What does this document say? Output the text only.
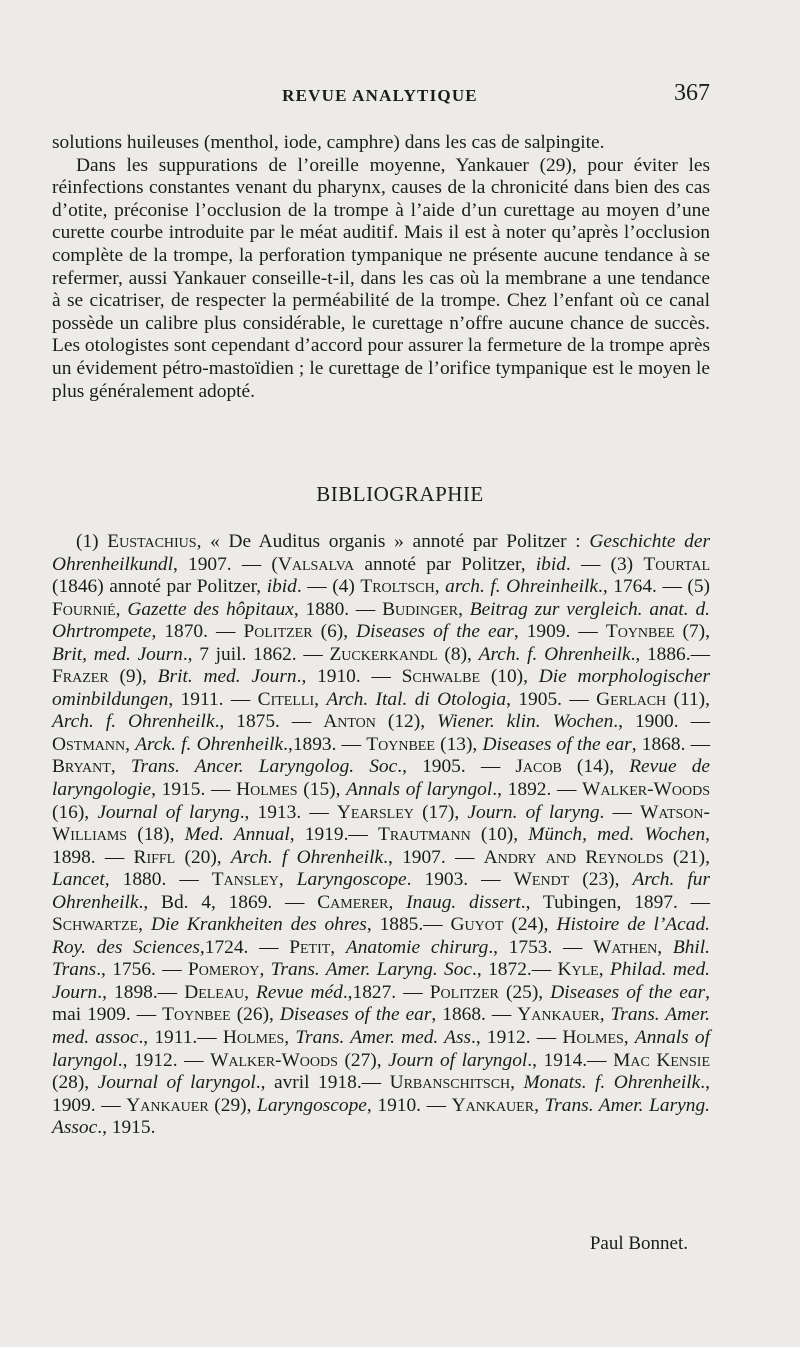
REVUE ANALYTIQUE	367

solutions huileuses (menthol, iode, camphre) dans les cas de salpingite.

Dans les suppurations de l’oreille moyenne, Yankauer (29), pour éviter les réinfections constantes venant du pharynx, causes de la chronicité dans bien des cas d’otite, préconise l’occlusion de la trompe à l’aide d’un curettage au moyen d’une curette courbe introduite par le méat auditif. Mais il est à noter qu’après l’occlusion complète de la trompe, la perforation tympanique ne présente aucune tendance à se refermer, aussi Yankauer conseille-t-il, dans les cas où la membrane a une tendance à se cicatriser, de respecter la perméabilité de la trompe. Chez l’enfant où ce canal possède un calibre plus considérable, le curettage n’offre aucune chance de succès. Les otologistes sont cependant d’accord pour assurer la fermeture de la trompe après un évidement pétro-mastoïdien ; le curettage de l’orifice tympanique est le moyen le plus généralement adopté.

BIBLIOGRAPHIE
(1) Eustachius, « De Auditus organis » annoté par Politzer : Geschichte der Ohrenheilkundl, 1907. — (Valsalva annoté par Politzer, ibid. — (3) Tourtal (1846) annoté par Politzer, ibid. — (4) Troltsch, arch. f. Ohreinheilk., 1764. — (5) Fournié, Gazette des hôpitaux, 1880. — Budinger, Beitrag zur vergleich. anat. d. Ohrtrompete, 1870. — Politzer (6), Diseases of the ear, 1909. — Toynbee (7), Brit, med. Journ., 7 juil. 1862. — Zuckerkandl (8), Arch. f. Ohrenheilk., 1886.— Frazer (9), Brit. med. Journ., 1910. — Schwalbe (10), Die morphologischer ominbildungen, 1911. — Citelli, Arch. Ital. di Otologia, 1905. — Gerlach (11), Arch. f. Ohrenheilk., 1875. — Anton (12), Wiener. klin. Wochen., 1900. — Ostmann, Arck. f. Ohrenheilk.,1893. — Toynbee (13), Diseases of the ear, 1868. — Bryant, Trans. Ancer. Laryngolog. Soc., 1905. — Jacob (14), Revue de laryngologie, 1915. — Holmes (15), Annals of laryngol., 1892. — Walker-Woods (16), Journal of laryng., 1913. — Yearsley (17), Journ. of laryng. — Watson-Williams (18), Med. Annual, 1919.— Trautmann (10), Münch, med. Wochen, 1898. — Riffl (20), Arch. f Ohrenheilk., 1907. — Andry and Reynolds (21), Lancet, 1880. — Tansley, Laryngoscope. 1903. — Wendt (23), Arch. fur Ohrenheilk., Bd. 4, 1869. — Camerer, Inaug. dissert., Tubingen, 1897. — Schwartze, Die Krankheiten des ohres, 1885.— Guyot (24), Histoire de l’Acad. Roy. des Sciences,1724. — Petit, Anatomie chirurg., 1753. — Wathen, Bhil. Trans., 1756. — Pomeroy, Trans. Amer. Laryng. Soc., 1872.— Kyle, Philad. med. Journ., 1898.— Deleau, Revue méd.,1827. — Politzer (25), Diseases of the ear, mai 1909. — Toynbee (26), Diseases of the ear, 1868. — Yankauer, Trans. Amer. med. assoc., 1911.— Holmes, Trans. Amer. med. Ass., 1912. — Holmes, Annals of laryngol., 1912. — Walker-Woods (27), Journ of laryngol., 1914.— Mac Kensie (28), Journal of laryngol., avril 1918.— Urbanschitsch, Monats. f. Ohrenheilk., 1909. — Yankauer (29), Laryngoscope, 1910. — Yankauer, Trans. Amer. Laryng. Assoc., 1915.
Paul Bonnet.
